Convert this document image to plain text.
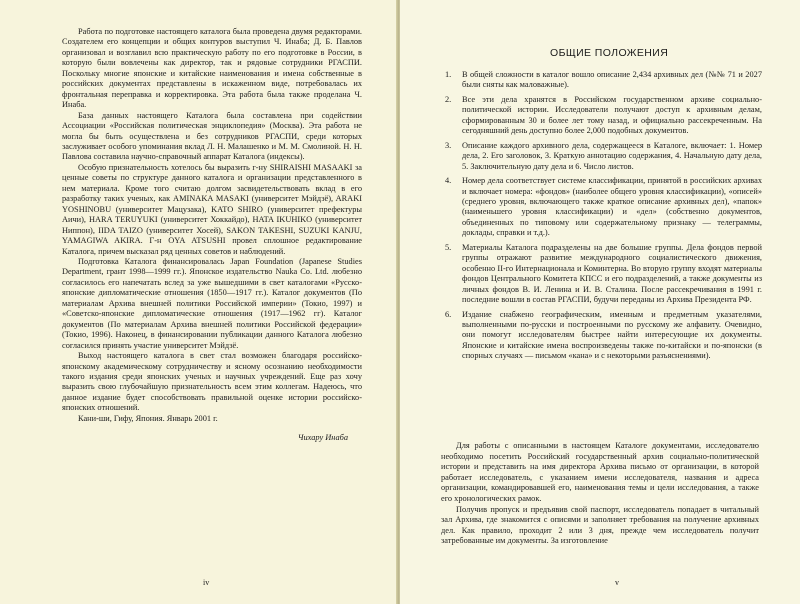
Работа по подготовке настоящего каталога была проведена двумя редакторами. Создателем его концепции и общих контуров выступил Ч. Инаба; Д. Б. Павлов организовал и возглавил всю практическую работу по его подготовке в России, в которую были вовлечены как директор, так и рядовые сотрудники РГАСПИ. Поскольку многие японские и китайские наименования и имена собственные в российских документах представлены в искаженном виде, потребовалась их фронтальная переправка и корректировка. Эта работа была также проделана Ч. Инаба.

База данных настоящего Каталога была составлена при содействии Ассоциации «Российская политическая энциклопедия» (Москва). Эта работа не могла бы быть осуществлена и без сотрудников РГАСПИ, среди которых заслуживает особого упоминания вклад Л. Н. Малашенко и М. М. Смолиной. Н. Н. Павлова составила научно-справочный аппарат Каталога (индексы).

Особую признательность хотелось бы выразить г-ну SHIRAISHI MASAAKI за ценные советы по структуре данного каталога и организации представленного в нем материала. Кроме того считаю долгом засвидетельствовать вклад в его разработку таких ученых, как AMINAKA MASAKI (университет Мэйдзё), ARAKI YOSHINOBU (университет Мацузака), KATO SHIRO (университет префектуры Аичи), HARA TERUYUKI (университет Хоккайдо), HATA IKUHIKO (университет Ниппон), IIDA TAIZO (университет Хосей), SAKON TAKESHI, SUZUKI KANJU, YAMAGIWA AKIRA. Г-н OYA ATSUSHI провел сплошное редактирование Каталога, причем высказал ряд ценных советов и наблюдений.

Подготовка Каталога финансировалась Japan Foundation (Japanese Studies Department, грант 1998—1999 гг.). Японское издательство Nauka Co. Ltd. любезно согласилось его напечатать вслед за уже вышедшими в свет каталогами «Русско-японские дипломатические отношения (1850—1917 гг.). Каталог документов (По материалам Архива внешней политики Российской империи» (Токио, 1997) и «Советско-японские дипломатические отношения (1917—1962 гг). Каталог документов (По материалам Архива внешней политики Российской федерации» (Токио, 1996). Наконец, в финансировании публикации данного Каталога любезно согласился принять участие университет Мэйдзё.

Выход настоящего каталога в свет стал возможен благодаря российско-японскому академическому сотрудничеству и ясному осознанию необходимости такого издания среди японских ученых и научных учреждений. Еще раз хочу выразить свою глубочайшую признательность всем этим коллегам. Надеюсь, что данное издание будет способствовать правильной оценке истории российско-японских отношений.

Кани-ши, Гифу, Япония. Январь 2001 г.

Чихару Инаба
iv
ОБЩИЕ ПОЛОЖЕНИЯ
1. В общей сложности в каталог вошло описание 2,434 архивных дел (№№ 71 и 2027 были сняты как маловажные).
2. Все эти дела хранятся в Российском государственном архиве социально-политической истории. Исследователи получают доступ к архивным делам, сформированным 30 и более лет тому назад, и официально рассекреченным. На сегодняшний день доступно более 2,000 подобных документов.
3. Описание каждого архивного дела, содержащееся в Каталоге, включает: 1. Номер дела, 2. Его заголовок, 3. Краткую аннотацию содержания, 4. Начальную дату дела, 5. Заключительную дату дела и 6. Число листов.
4. Номер дела соответствует системе классификации, принятой в российских архивах и включает номера: «фондов» (наиболее общего уровня классификации), «описей» (среднего уровня, включающего также краткое описание архивных дел), «папок» (наименьшего уровня классификации) и «дел» (собственно документов, объединенных по типовому или содержательному признаку — телеграммы, доклады, справки и т.д.).
5. Материалы Каталога подразделены на две большие группы. Дела фондов первой группы отражают развитие международного социалистического движения, особенно II-го Интернационала и Коминтерна. Во вторую группу входят материалы фондов Центрального Комитета КПСС и его подразделений, а также документы из личных фондов В. И. Ленина и И. В. Сталина. После рассекречивания в 1991 г. последние вошли в состав РГАСПИ, будучи переданы из Архива Президента РФ.
6. Издание снабжено географическим, именным и предметным указателями, выполненными по-русски и построенными по русскому же алфавиту. Очевидно, они помогут исследователям быстрее найти интересующие их документы. Японские и китайские имена воспроизведены также по-китайски и по-японски (в спорных случаях — письмом «кана» и с некоторыми разъяснениями).

Для работы с описанными в настоящем Каталоге документами, исследователю необходимо посетить Российский государственный архив социально-политической истории и представить на имя директора Архива письмо от организации, в которой работает исследователь, с указанием имени исследователя, названия и адреса организации, командировавшей его, наименования темы и цели исследования, а также его хронологических рамок.

Получив пропуск и предъявив свой паспорт, исследователь попадает в читальный зал Архива, где знакомится с описями и заполняет требования на получение архивных дел. Как правило, проходит 2 или 3 дня, прежде чем исследователь получит затребованные им документы. За изготовление

v
